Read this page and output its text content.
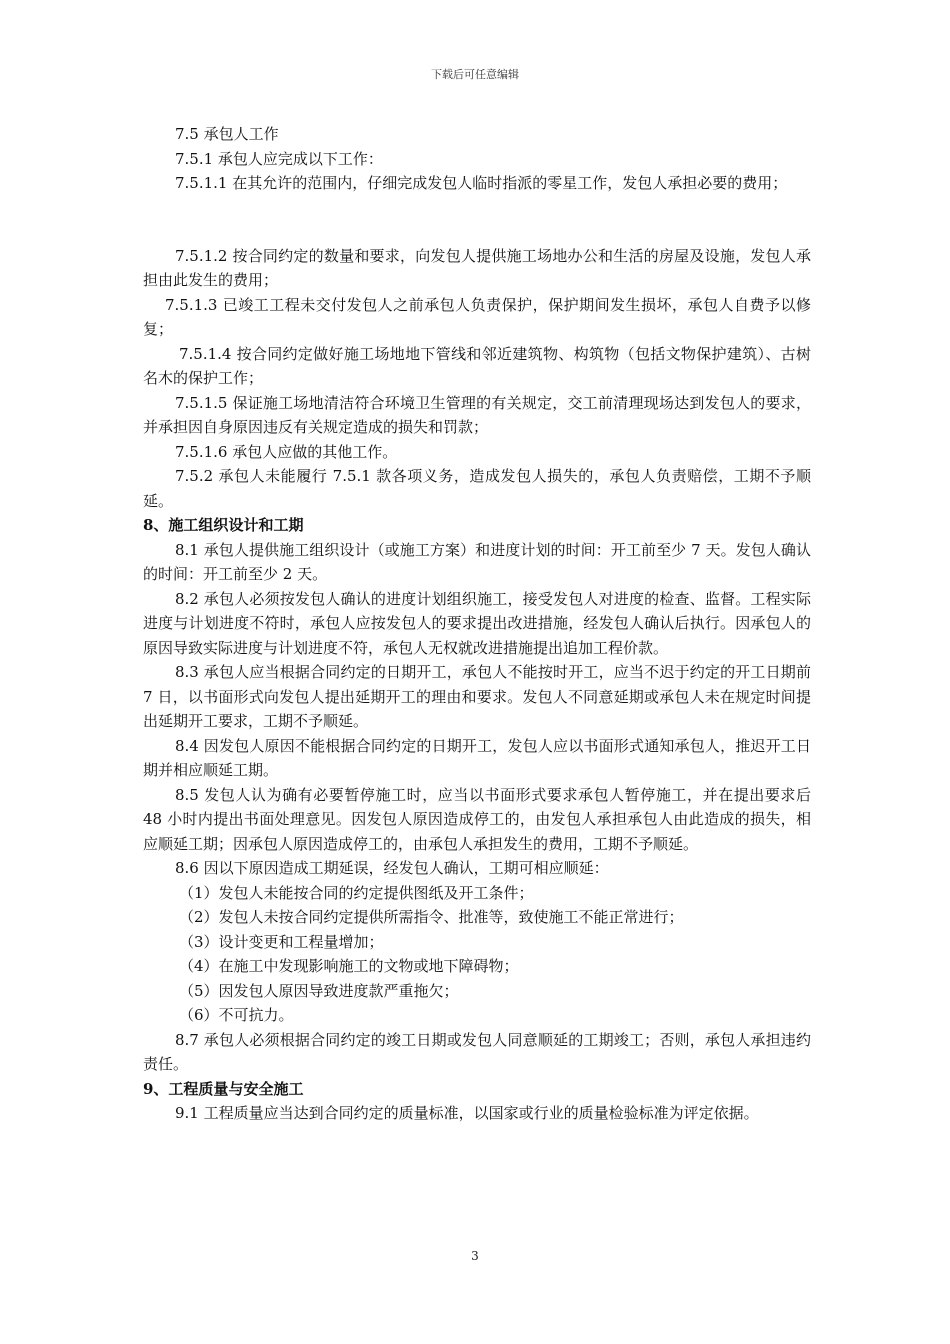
下载后可任意编辑

7.5 承包人工作

7.5.1 承包人应完成以下工作：

7.5.1.1 在其允许的范围内，仔细完成发包人临时指派的零星工作，发包人承担必要的费用；

7.5.1.2 按合同约定的数量和要求，向发包人提供施工场地办公和生活的房屋及设施，发包人承担由此发生的费用；

7.5.1.3 已竣工工程未交付发包人之前承包人负责保护，保护期间发生损坏，承包人自费予以修复；

7.5.1.4 按合同约定做好施工场地地下管线和邻近建筑物、构筑物（包括文物保护建筑）、古树名木的保护工作；

7.5.1.5 保证施工场地清洁符合环境卫生管理的有关规定，交工前清理现场达到发包人的要求，并承担因自身原因违反有关规定造成的损失和罚款；

7.5.1.6 承包人应做的其他工作。

7.5.2 承包人未能履行 7.5.1 款各项义务，造成发包人损失的，承包人负责赔偿，工期不予顺延。

8、施工组织设计和工期

8.1 承包人提供施工组织设计（或施工方案）和进度计划的时间：开工前至少 7 天。发包人确认的时间：开工前至少 2 天。

8.2 承包人必须按发包人确认的进度计划组织施工，接受发包人对进度的检查、监督。工程实际进度与计划进度不符时，承包人应按发包人的要求提出改进措施，经发包人确认后执行。因承包人的原因导致实际进度与计划进度不符，承包人无权就改进措施提出追加工程价款。

8.3 承包人应当根据合同约定的日期开工，承包人不能按时开工，应当不迟于约定的开工日期前 7 日，以书面形式向发包人提出延期开工的理由和要求。发包人不同意延期或承包人未在规定时间提出延期开工要求，工期不予顺延。

8.4 因发包人原因不能根据合同约定的日期开工，发包人应以书面形式通知承包人，推迟开工日期并相应顺延工期。

8.5 发包人认为确有必要暂停施工时，应当以书面形式要求承包人暂停施工，并在提出要求后 48 小时内提出书面处理意见。因发包人原因造成停工的，由发包人承担承包人由此造成的损失，相应顺延工期；因承包人原因造成停工的，由承包人承担发生的费用，工期不予顺延。

8.6 因以下原因造成工期延误，经发包人确认，工期可相应顺延：

（1）发包人未能按合同的约定提供图纸及开工条件；

（2）发包人未按合同约定提供所需指令、批准等，致使施工不能正常进行；

（3）设计变更和工程量增加；

（4）在施工中发现影响施工的文物或地下障碍物；

（5）因发包人原因导致进度款严重拖欠；

（6）不可抗力。

8.7 承包人必须根据合同约定的竣工日期或发包人同意顺延的工期竣工；否则，承包人承担违约责任。

9、工程质量与安全施工

9.1 工程质量应当达到合同约定的质量标准，以国家或行业的质量检验标准为评定依据。

3
